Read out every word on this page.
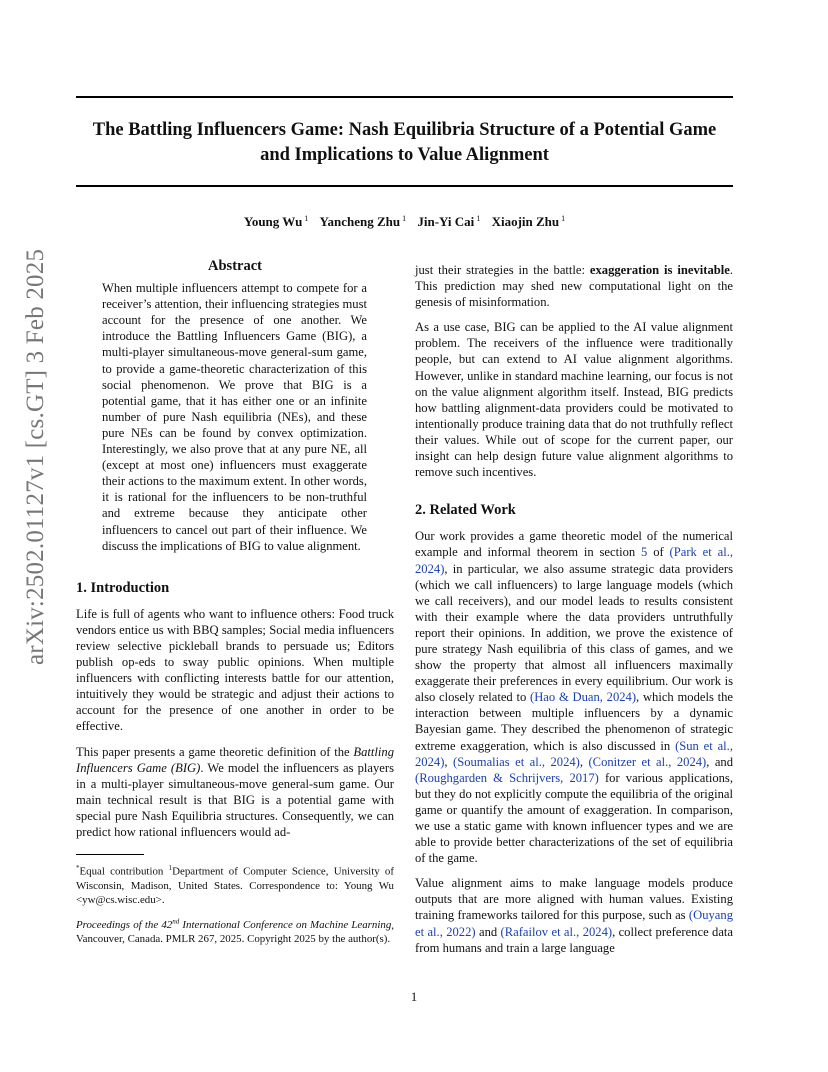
arXiv:2502.01127v1 [cs.GT] 3 Feb 2025
The Battling Influencers Game: Nash Equilibria Structure of a Potential Game and Implications to Value Alignment
Young Wu $^1$ Yancheng Zhu $^1$ Jin-Yi Cai $^1$ Xiaojin Zhu $^1$
Abstract

When multiple influencers attempt to compete for a receiver’s attention, their influencing strategies must account for the presence of one another. We introduce the Battling Influencers Game (BIG), a multi-player simultaneous-move general-sum game, to provide a game-theoretic characterization of this social phenomenon. We prove that BIG is a potential game, that it has either one or an infinite number of pure Nash equilibria (NEs), and these pure NEs can be found by convex optimization. Interestingly, we also prove that at any pure NE, all (except at most one) influencers must exaggerate their actions to the maximum extent. In other words, it is rational for the influencers to be non-truthful and extreme because they anticipate other influencers to cancel out part of their influence. We discuss the implications of BIG to value alignment.

1. Introduction

Life is full of agents who want to influence others: Food truck vendors entice us with BBQ samples; Social media influencers review selective pickleball brands to persuade us; Editors publish op-eds to sway public opinions. When multiple influencers with conflicting interests battle for our attention, intuitively they would be strategic and adjust their actions to account for the presence of one another in order to be effective.

This paper presents a game theoretic definition of the Battling Influencers Game (BIG). We model the influencers as players in a multi-player simultaneous-move general-sum game. Our main technical result is that BIG is a potential game with special pure Nash Equilibria structures. Consequently, we can predict how rational influencers would ad-

*Equal contribution $^1$Department of Computer Science, University of Wisconsin, Madison, United States. Correspondence to: Young Wu <yw@cs.wisc.edu>.
Proceedings of the 42nd International Conference on Machine Learning, Vancouver, Canada. PMLR 267, 2025. Copyright 2025 by the author(s).

just their strategies in the battle: exaggeration is inevitable. This prediction may shed new computational light on the genesis of misinformation.

As a use case, BIG can be applied to the AI value alignment problem. The receivers of the influence were traditionally people, but can extend to AI value alignment algorithms. However, unlike in standard machine learning, our focus is not on the value alignment algorithm itself. Instead, BIG predicts how battling alignment-data providers could be motivated to intentionally produce training data that do not truthfully reflect their values. While out of scope for the current paper, our insight can help design future value alignment algorithms to remove such incentives.

2. Related Work

Our work provides a game theoretic model of the numerical example and informal theorem in section 5 of (Park et al., 2024), in particular, we also assume strategic data providers (which we call influencers) to large language models (which we call receivers), and our model leads to results consistent with their example where the data providers untruthfully report their opinions. In addition, we prove the existence of pure strategy Nash equilibria of this class of games, and we show the property that almost all influencers maximally exaggerate their preferences in every equilibrium. Our work is also closely related to (Hao & Duan, 2024), which models the interaction between multiple influencers by a dynamic Bayesian game. They described the phenomenon of strategic extreme exaggeration, which is also discussed in (Sun et al., 2024), (Soumalias et al., 2024), (Conitzer et al., 2024), and (Roughgarden & Schrijvers, 2017) for various applications, but they do not explicitly compute the equilibria of the original game or quantify the amount of exaggeration. In comparison, we use a static game with known influencer types and we are able to provide better characterizations of the set of equilibria of the game.

Value alignment aims to make language models produce outputs that are more aligned with human values. Existing training frameworks tailored for this purpose, such as (Ouyang et al., 2022) and (Rafailov et al., 2024), collect preference data from humans and train a large language

1
